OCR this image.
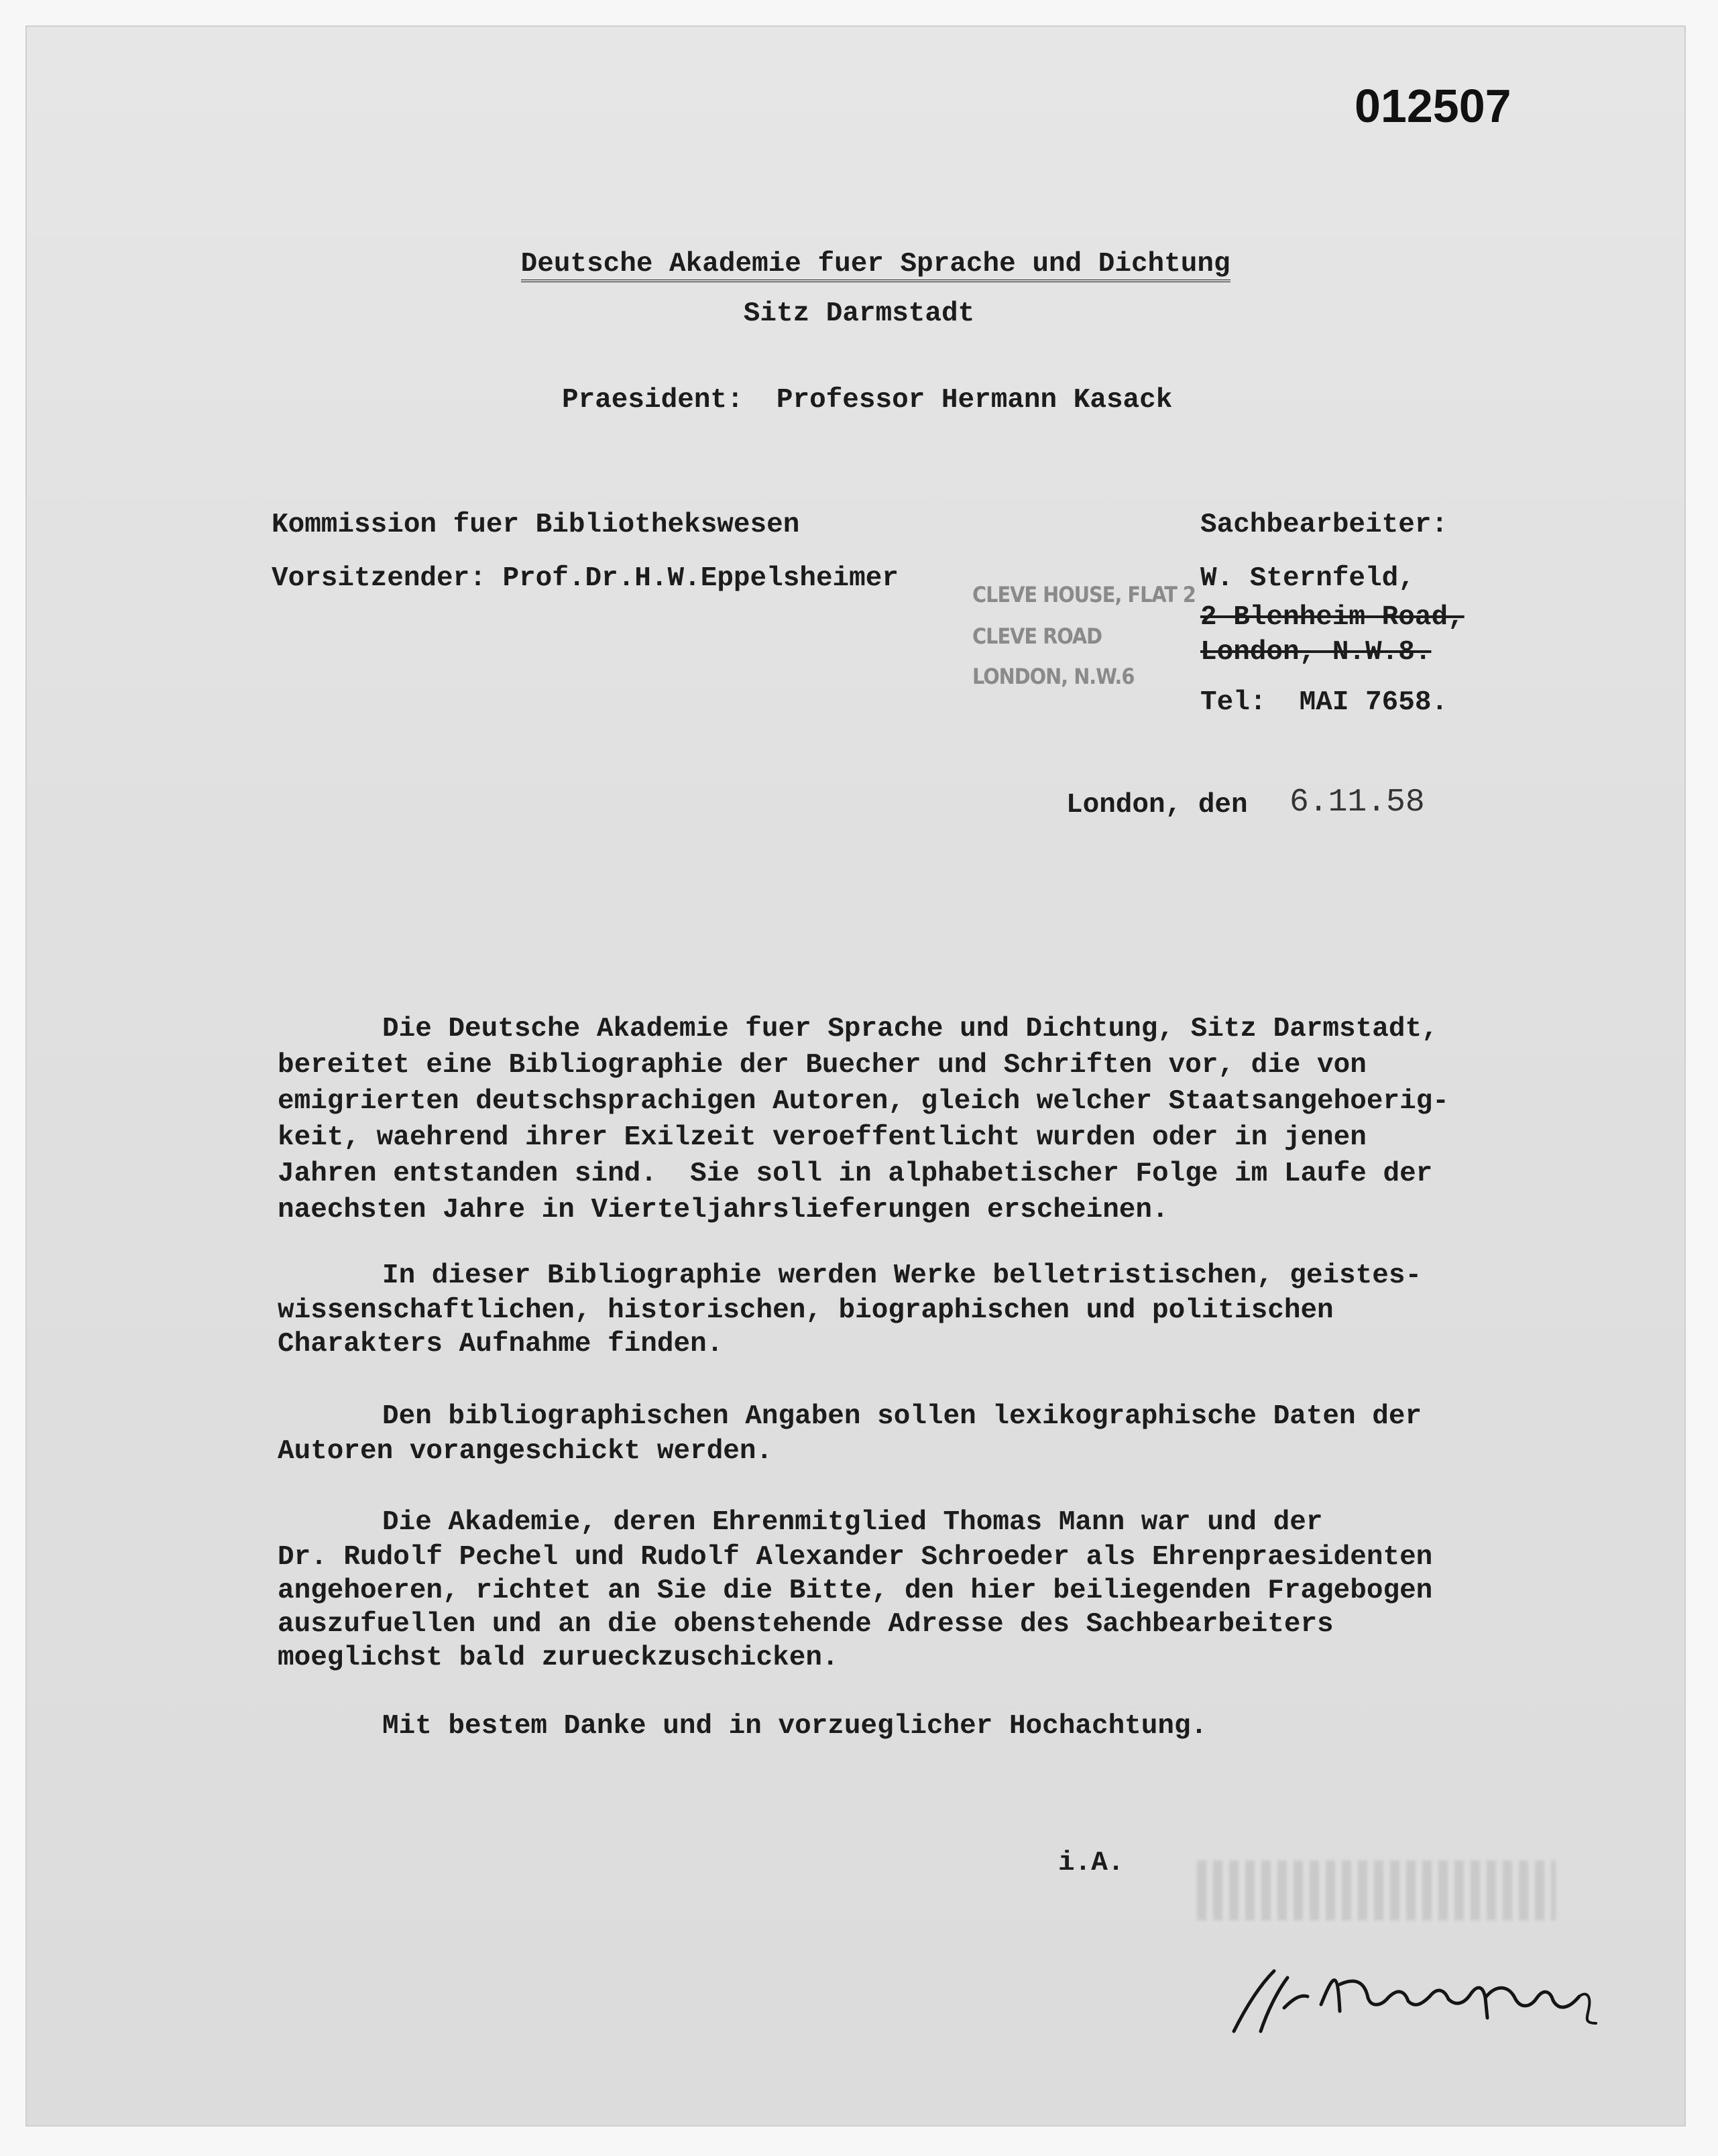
012507

Deutsche Akademie fuer Sprache und Dichtung

Sitz Darmstadt
Praesident: Professor Hermann Kasack
Kommission fuer Bibliothekswesen
Vorsitzender: Prof.Dr.H.W.Eppelsheimer
CLEVE HOUSE, FLAT 2
CLEVE ROAD
LONDON, N.W.6
Sachbearbeiter:
W. Sternfeld,
2 Blenheim Road,
London, N.W.8.
Tel: MAI 7658.
London, den 6.11.58
Die Deutsche Akademie fuer Sprache und Dichtung, Sitz Darmstadt,
bereitet eine Bibliographie der Buecher und Schriften vor, die von
emigrierten deutschsprachigen Autoren, gleich welcher Staatsangehoerig-
keit, waehrend ihrer Exilzeit veroeffentlicht wurden oder in jenen
Jahren entstanden sind.  Sie soll in alphabetischer Folge im Laufe der
naechsten Jahre in Vierteljahrslieferungen erscheinen.
In dieser Bibliographie werden Werke belletristischen, geistes-
wissenschaftlichen, historischen, biographischen und politischen
Charakters Aufnahme finden.
Den bibliographischen Angaben sollen lexikographische Daten der
Autoren vorangeschickt werden.
Die Akademie, deren Ehrenmitglied Thomas Mann war und der
Dr. Rudolf Pechel und Rudolf Alexander Schroeder als Ehrenpraesidenten
angehoeren, richtet an Sie die Bitte, den hier beiliegenden Fragebogen
auszufuellen und an die obenstehende Adresse des Sachbearbeiters
moeglichst bald zurueckzuschicken.
Mit bestem Danke und in vorzueglicher Hochachtung.
i.A.
